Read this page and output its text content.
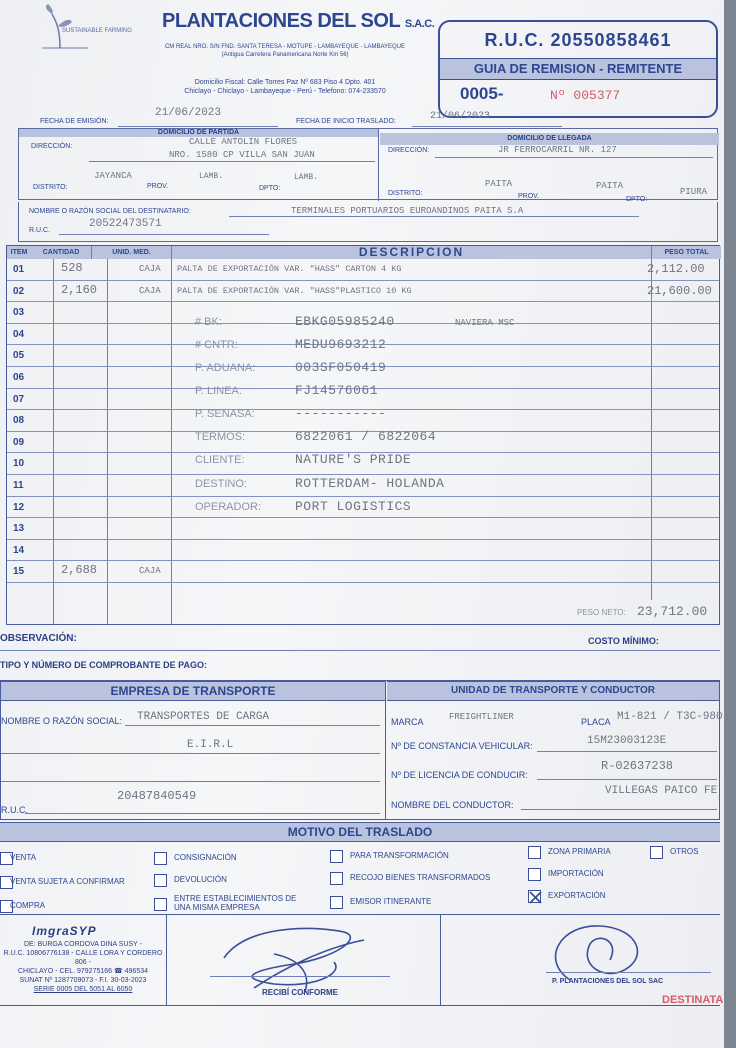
SUSTAINABLE FARMING PLANTACIONES DEL SOL S.A.C.
CM REAL NRO. S/N FND. SANTA TERESA - MOTUPE - LAMBAYEQUE - LAMBAYEQUE
(Antigua Carretera Panamericana Norte Km 56)
Domicilio Fiscal: Calle Torres Paz Nº 683 Piso 4 Dpto. 401
Chiclayo - Chiclayo - Lambayeque - Perú - Telefono: 074-233570
R.U.C. 20550858461
GUIA DE REMISION - REMITENTE
0005-	Nº 005377
FECHA DE EMISIÓN:
21/06/2023
FECHA DE INICIO TRASLADO:	21/06/2023
DOMICILIO DE PARTIDA
DIRECCIÓN:	CALLE ANTOLIN FLORES
NRO. 1580 CP VILLA SAN JUAN
JAYANCA	LAMB.	LAMB.
DISTRITO:	PROV.	DPTO:
DOMICILIO DE LLEGADA
DIRECCIÓN:	JR FERROCARRIL NR. 127
PAITA	PAITA
PIURA
DISTRITO:	PROV.	DPTO:
NOMBRE O RAZÓN SOCIAL DEL DESTINATARIO:	TERMINALES PORTUARIOS EUROANDINOS PAITA S.A
R.U.C.
20522473571
ITEM	CANTIDAD	UNID. MED.	DESCRIPCION	PESO TOTAL
01	528	CAJA PALTA DE EXPORTACIÓN VAR. "HASS" CARTON 4 KG	2,112.00
02	2,160	CAJA PALTA DE EXPORTACIÓN VAR. "HASS"PLASTICO 10 KG	21,600.00
03
04
05
06
07
08
09
10
11
12
13
14
15	2,688	CAJA
# BK:	EBKG05985240	NAVIERA MSC
# CNTR:	MEDU9693212
P. ADUANA:	003SF050419
P. LINEA:	FJ14576061
P. SENASA:	-----------
TERMOS:	6822061 / 6822064
CLIENTE:	NATURE'S PRIDE
DESTINO:	ROTTERDAM- HOLANDA
OPERADOR:	PORT LOGISTICS
PESO NETO: 23,712.00
OBSERVACIÓN:	COSTO MÍNIMO:
TIPO Y NÚMERO DE COMPROBANTE DE PAGO:
EMPRESA DE TRANSPORTE	UNIDAD DE TRANSPORTE Y CONDUCTOR
NOMBRE O RAZÓN SOCIAL: TRANSPORTES DE CARGA
E.I.R.L
20487840549
R.U.C.
MARCA	FREIGHTLINER	PLACA M1-821 / T3C-980
Nº DE CONSTANCIA VEHICULAR:	15M23003123E
Nº DE LICENCIA DE CONDUCIR:
R-02637238
NOMBRE DEL CONDUCTOR:
VILLEGAS PAICO FE
MOTIVO DEL TRASLADO
VENTA
VENTA SUJETA A CONFIRMAR
COMPRA
CONSIGNACIÓN
DEVOLUCIÓN
ENTRE ESTABLECIMIENTOS DE UNA MISMA EMPRESA
PARA TRANSFORMACIÓN
RECOJO BIENES TRANSFORMADOS
EMISOR ITINERANTE
ZONA PRIMARIA
IMPORTACIÓN
EXPORTACIÓN
OTROS
ImgraSYP
DE: BURGA CORDOVA DINA SUSY -
R.U.C. 10806776138 - CALLE LORA Y CORDERO 806 -
CHICLAYO - CEL. 979275166 ☎ 496534
SUNAT Nº 1287709073 - F.I. 30-03-2023
SERIE 0005 DEL 5051 AL 6050	RECIBÍ CONFORME
P. PLANTACIONES DEL SOL SAC
DESTINATA
